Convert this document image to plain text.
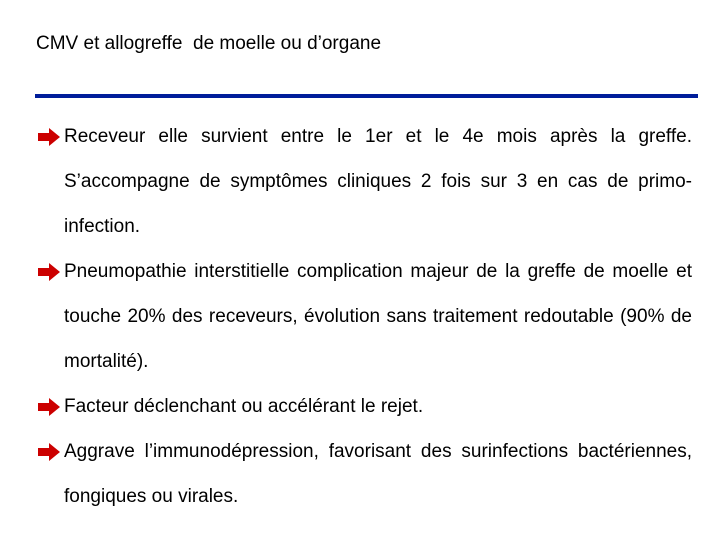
CMV et allogreffe  de moelle ou d’organe
Receveur elle survient entre le 1er et le 4e mois après la greffe. S’accompagne de symptômes cliniques 2 fois sur 3 en cas de primo-infection.
Pneumopathie interstitielle complication majeur de la greffe de moelle et touche 20% des receveurs, évolution sans traitement redoutable (90% de mortalité).
Facteur déclenchant ou accélérant le rejet.
Aggrave l’immunodépression, favorisant des surinfections bactériennes, fongiques ou virales.
